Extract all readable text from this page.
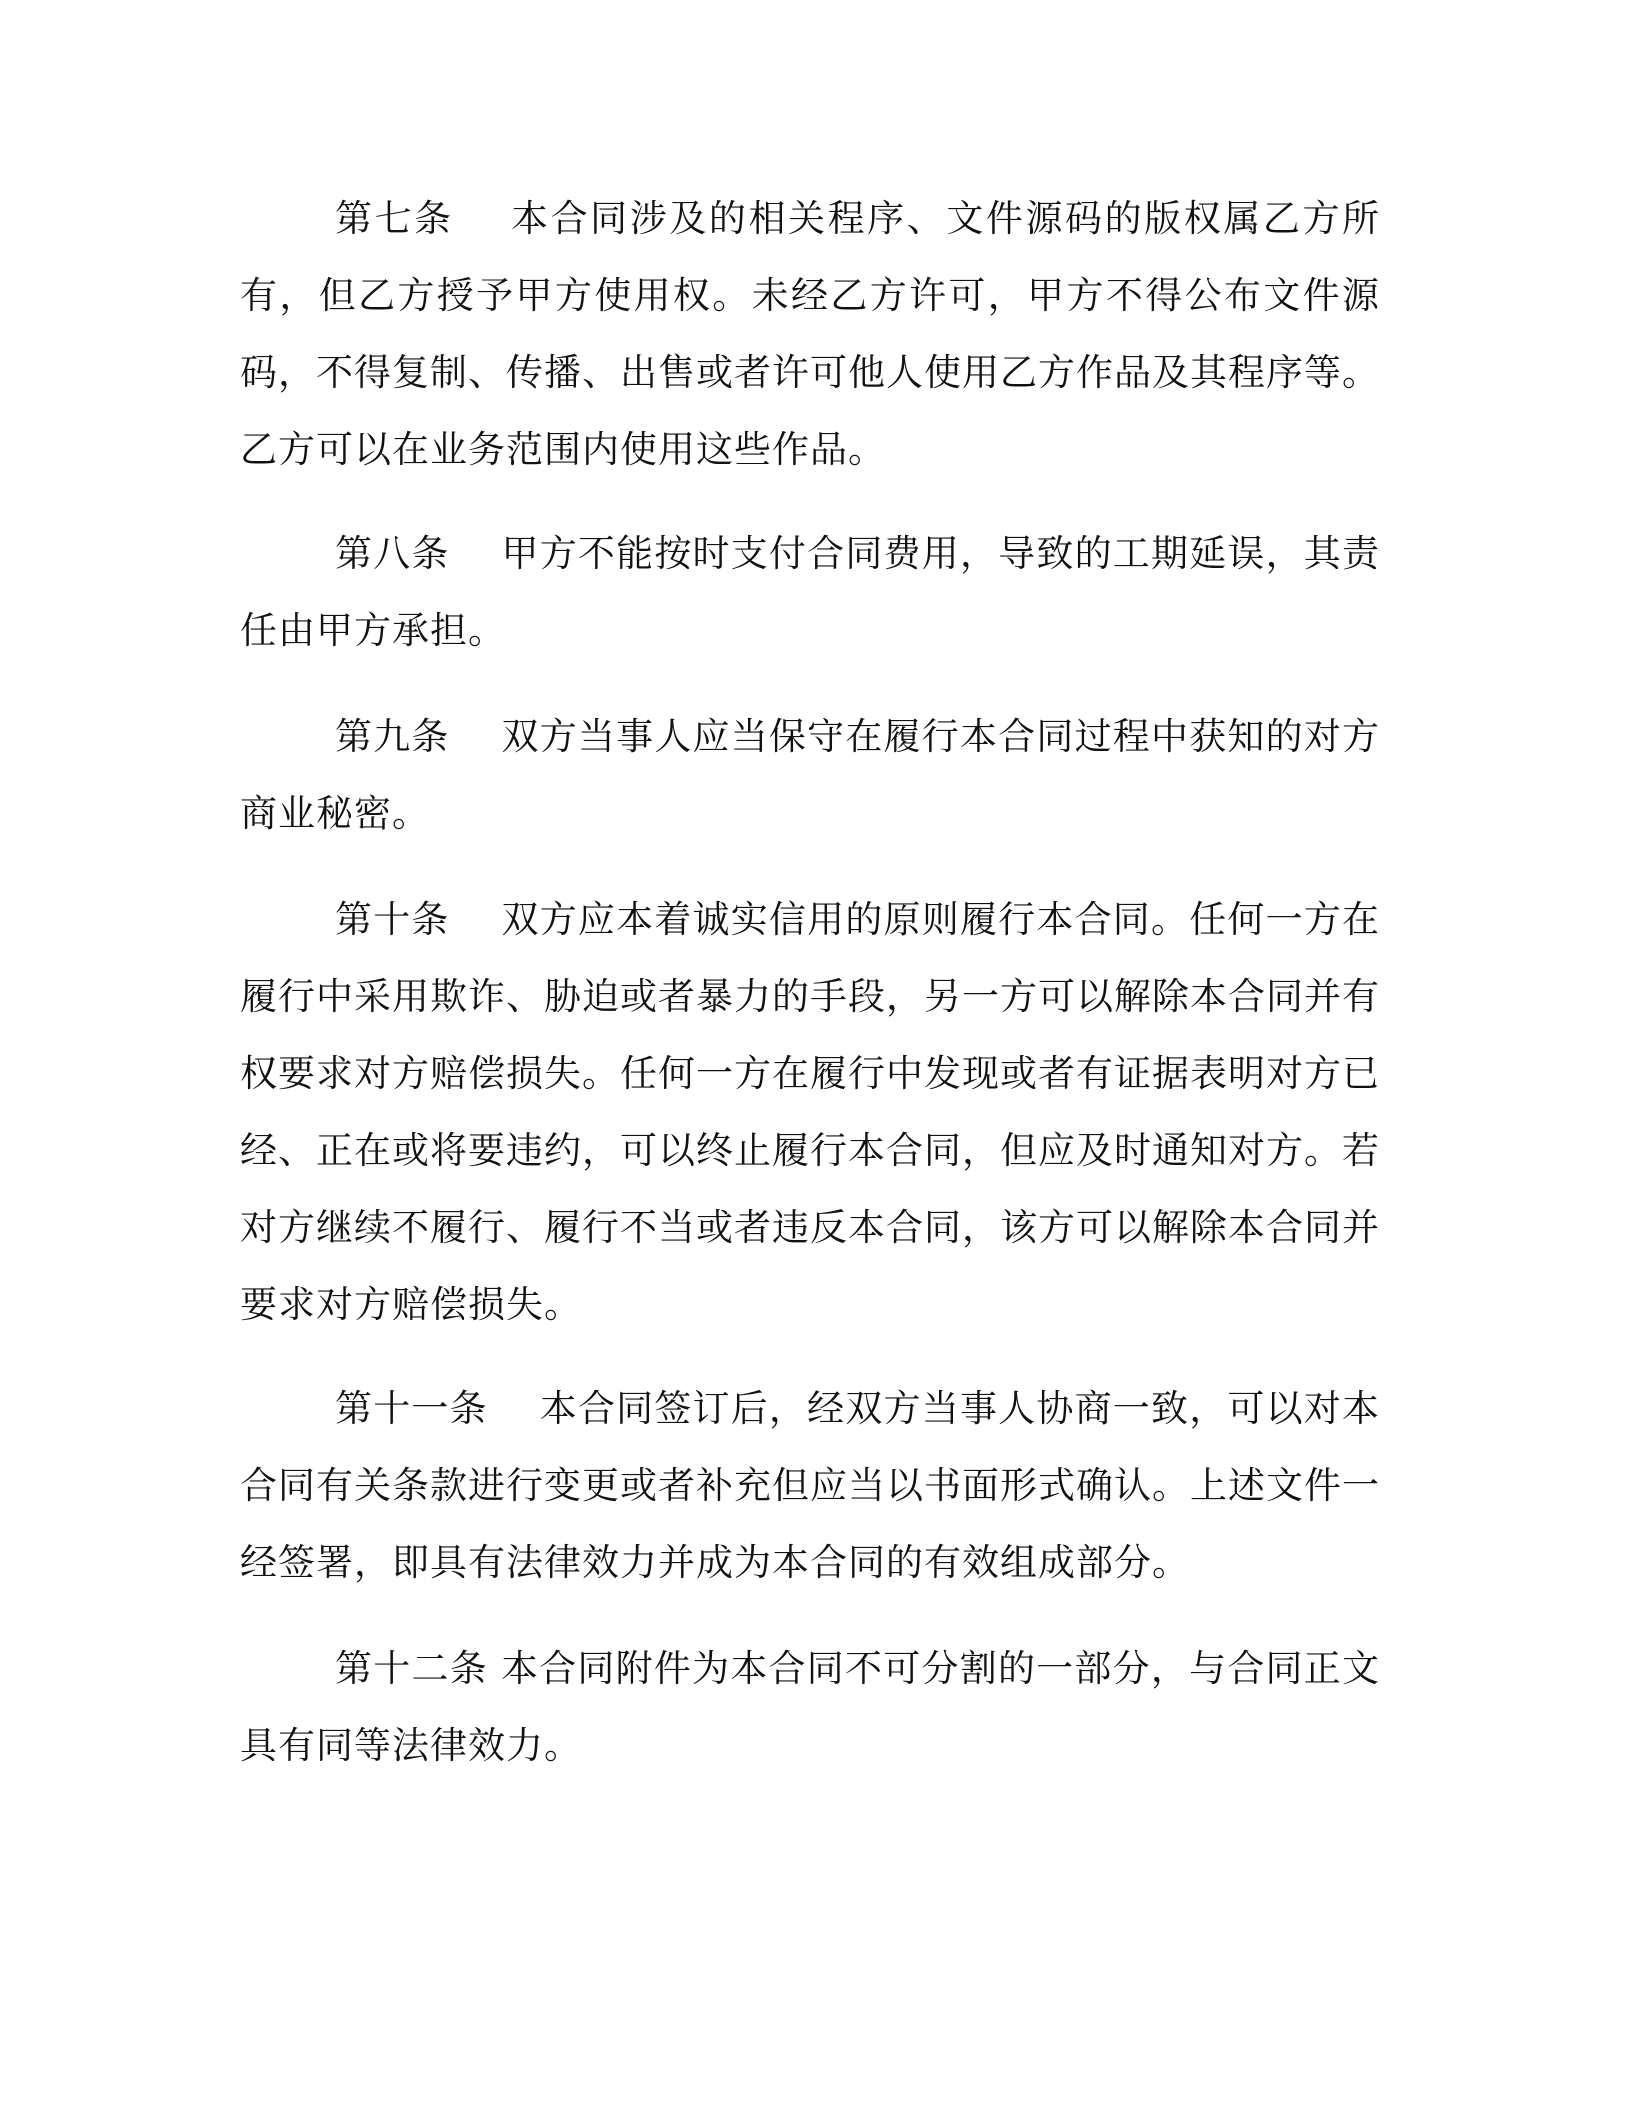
第七条 本合同涉及的相关程序、文件源码的版权属乙方所有，但乙方授予甲方使用权。未经乙方许可，甲方不得公布文件源码，不得复制、传播、出售或者许可他人使用乙方作品及其程序等。乙方可以在业务范围内使用这些作品。

第八条 甲方不能按时支付合同费用，导致的工期延误，其责任由甲方承担。

第九条 双方当事人应当保守在履行本合同过程中获知的对方商业秘密。

第十条 双方应本着诚实信用的原则履行本合同。任何一方在履行中采用欺诈、胁迫或者暴力的手段，另一方可以解除本合同并有权要求对方赔偿损失。任何一方在履行中发现或者有证据表明对方已经、正在或将要违约，可以终止履行本合同，但应及时通知对方。若对方继续不履行、履行不当或者违反本合同，该方可以解除本合同并要求对方赔偿损失。

第十一条 本合同签订后，经双方当事人协商一致，可以对本合同有关条款进行变更或者补充但应当以书面形式确认。上述文件一经签署，即具有法律效力并成为本合同的有效组成部分。

第十二条 本合同附件为本合同不可分割的一部分，与合同正文具有同等法律效力。
